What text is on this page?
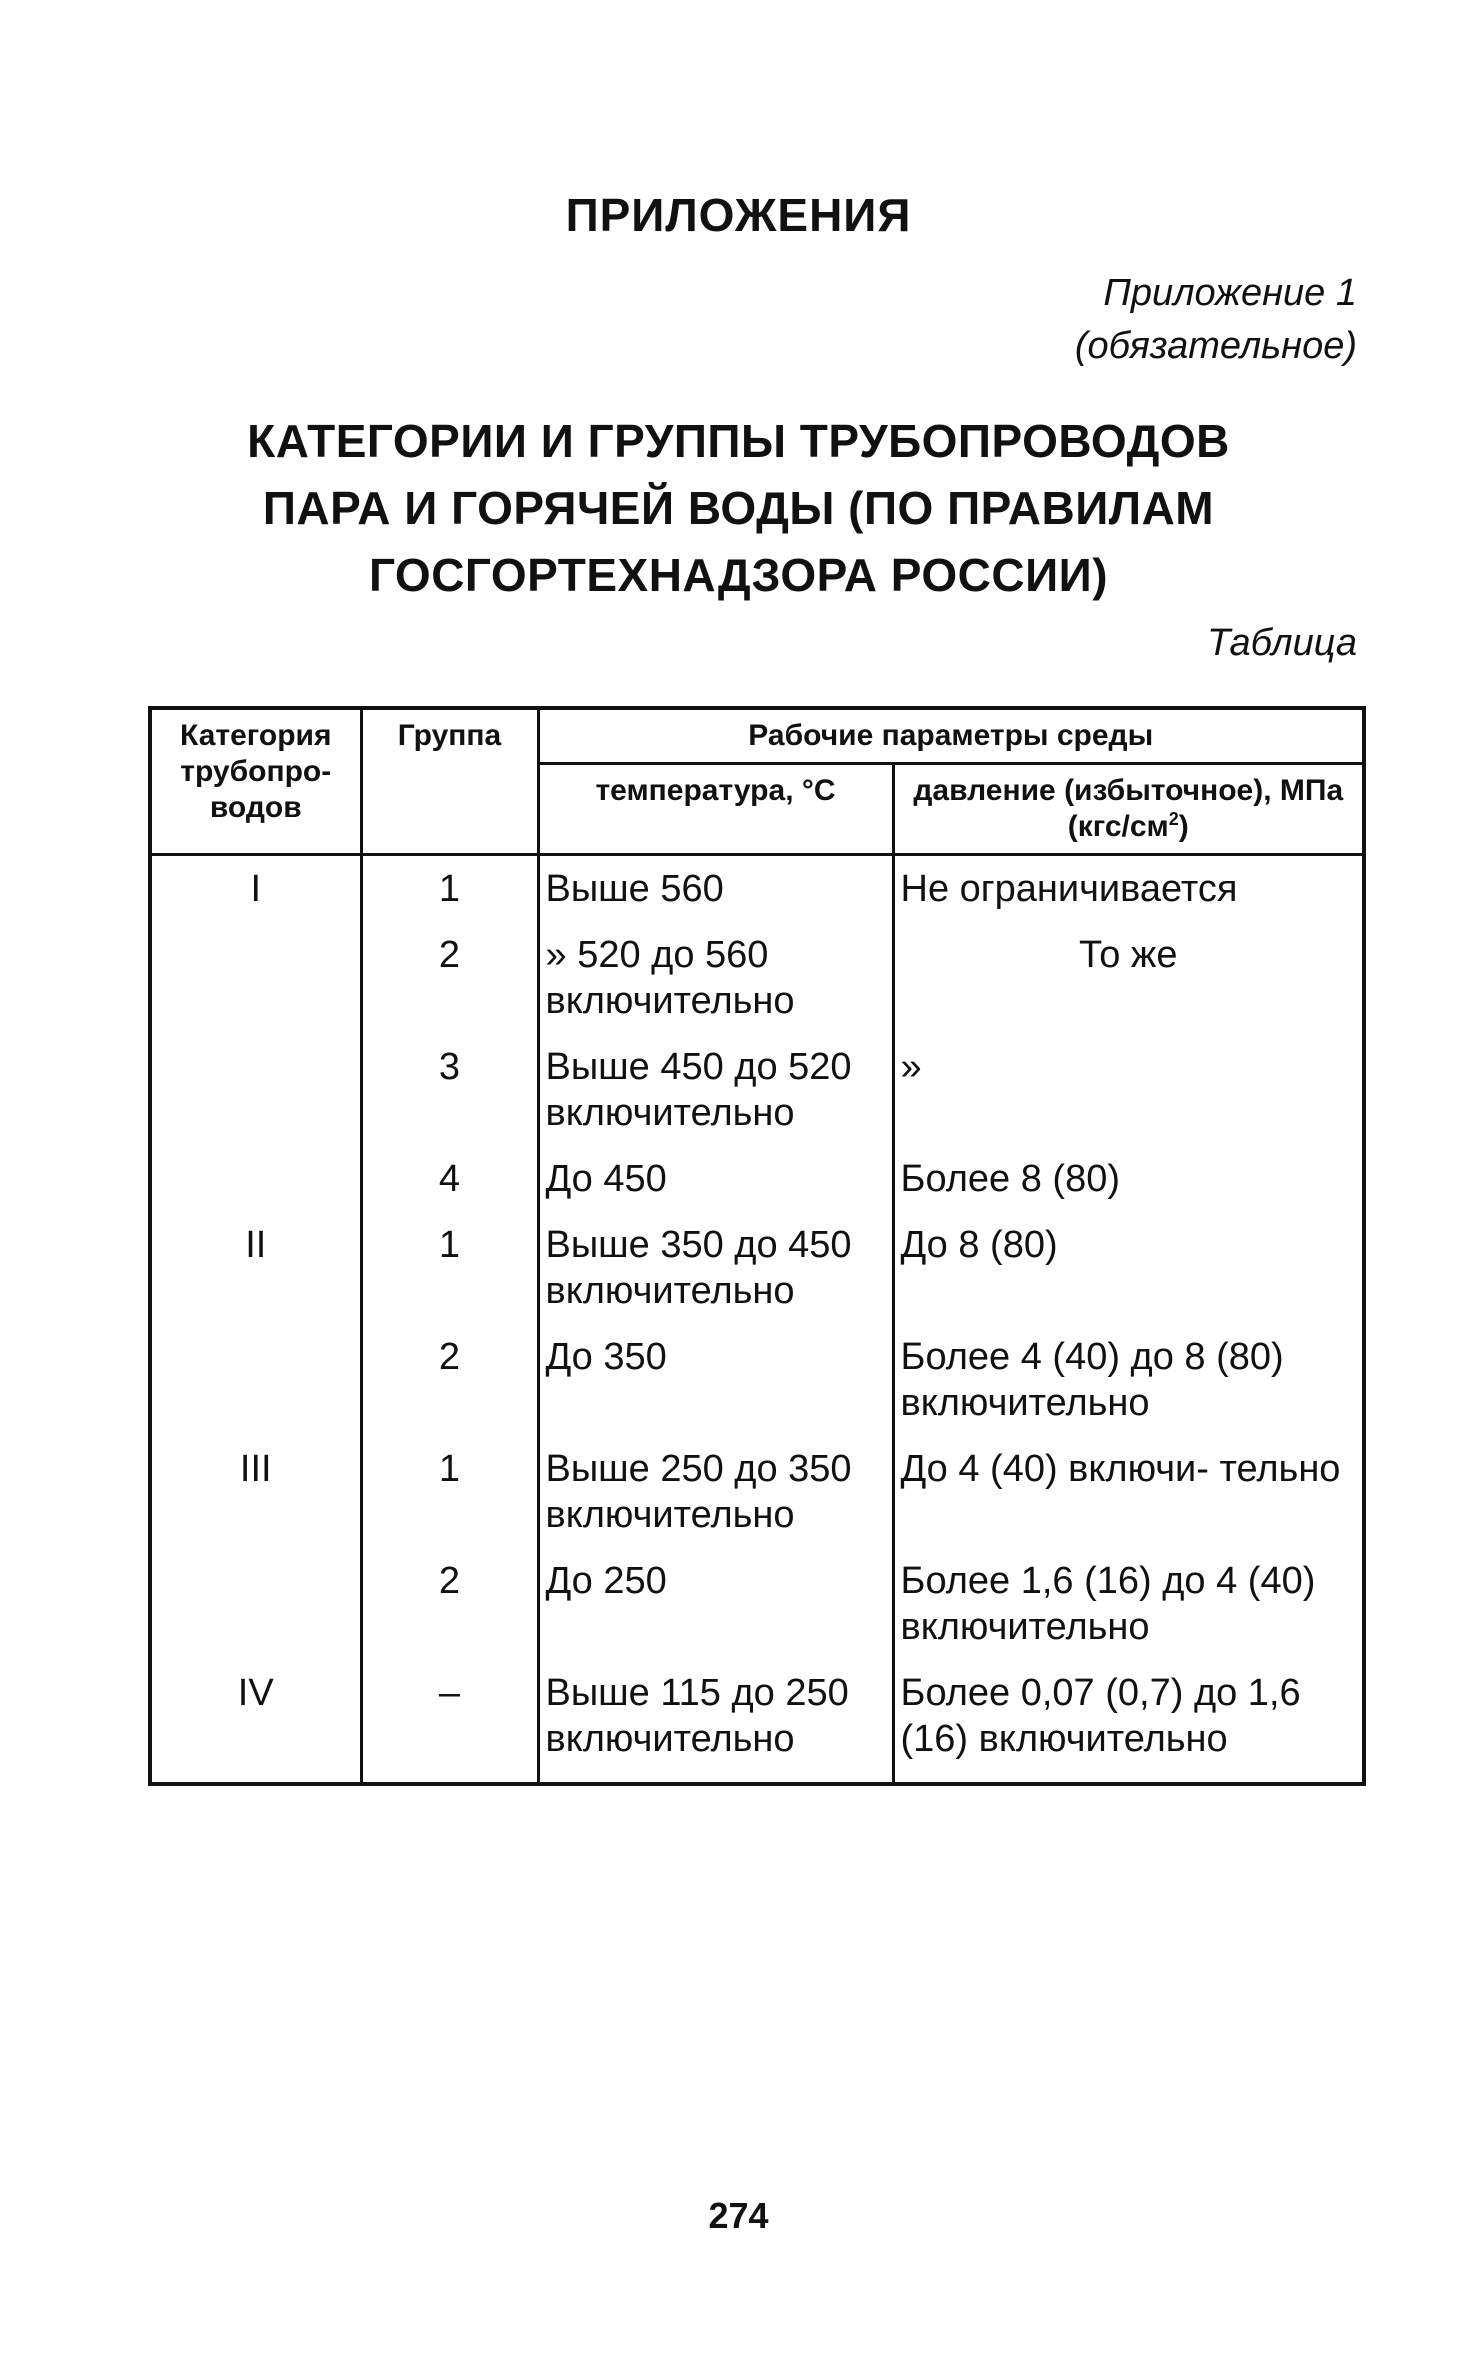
ПРИЛОЖЕНИЯ
Приложение 1
(обязательное)
КАТЕГОРИИ И ГРУППЫ ТРУБОПРОВОДОВ
ПАРА И ГОРЯЧЕЙ ВОДЫ (ПО ПРАВИЛАМ
ГОСГОРТЕХНАДЗОРА РОССИИ)
Таблица
Категория трубопро- водов	Группа	Рабочие параметры среды	
		температура, °С	давление (избыточное), МПа $(кгс/см^2)$
I	1	Выше 560	Не ограничивается
	2	» 520 до 560 включительно	То же
	3	Выше 450 до 520 включительно	»
	4	До 450	Более 8 (80)
II	1	Выше 350 до 450 включительно	До 8 (80)
	2	До 350	Более 4 (40) до 8 (80) включительно
III	1	Выше 250 до 350 включительно	До 4 (40) включи- тельно
	2	До 250	Более 1,6 (16) до 4 (40) включительно
IV	–	Выше 115 до 250 включительно	Более 0,07 (0,7) до 1,6 (16) включительно
274
